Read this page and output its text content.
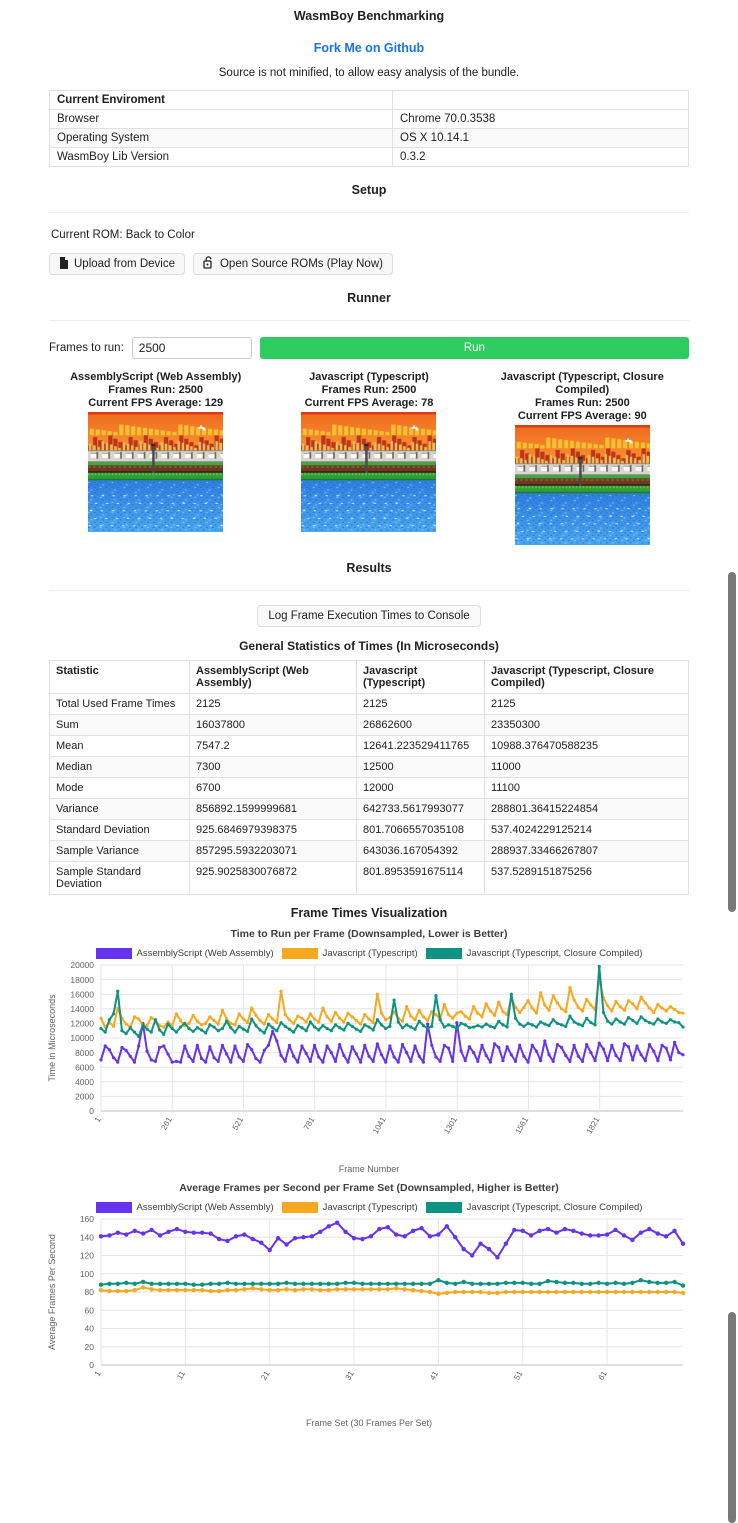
WasmBoy Benchmarking
Fork Me on Github
Source is not minified, to allow easy analysis of the bundle.
Current Enviroment	
Browser	Chrome 70.0.3538
Operating System	OS X 10.14.1
WasmBoy Lib Version	0.3.2
Setup
Current ROM: Back to Color
Upload from Device	Open Source ROMs (Play Now)
Runner
Frames to run:
2500	Run
AssemblyScript (Web Assembly)
Frames Run: 2500
Current FPS Average: 129
Javascript (Typescript)
Frames Run: 2500
Current FPS Average: 78
Javascript (Typescript, Closure Compiled)
Frames Run: 2500
Current FPS Average: 90
Results
Log Frame Execution Times to Console
General Statistics of Times (In Microseconds)
Statistic	AssemblyScript (Web Assembly)	Javascript (Typescript)	Javascript (Typescript, Closure Compiled)
Total Used Frame Times	2125	2125	2125
Sum	16037800	26862600	23350300
Mean	7547.2	12641.223529411765	10988.376470588235
Median	7300	12500	11000
Mode	6700	12000	11100
Variance	856892.1599999681	642733.5617993077	288801.36415224854
Standard Deviation	925.6846979398375	801.7066557035108	537.4024229125214
Sample Variance	857295.5932203071	643036.167054392	288937.33466267807
Sample Standard Deviation	925.9025830076872	801.8953591675114	537.5289151875256
Frame Times Visualization
Time to Run per Frame (Downsampled, Lower is Better)
AssemblyScript (Web Assembly)	Javascript (Typescript)	Javascript (Typescript, Closure Compiled)
0
2000
4000
6000
8000
10000
12000
14000
16000
18000
20000
1	261	521	781	1041	1301	1561	1821
Time in Microseconds
Frame Number
Average Frames per Second per Frame Set (Downsampled, Higher is Better)
AssemblyScript (Web Assembly)	Javascript (Typescript)	Javascript (Typescript, Closure Compiled)
0
20
40
60
80
100
120
140
160
1	11	21	31	41	51	61
Average Frames Per Second
Frame Set (30 Frames Per Set)
